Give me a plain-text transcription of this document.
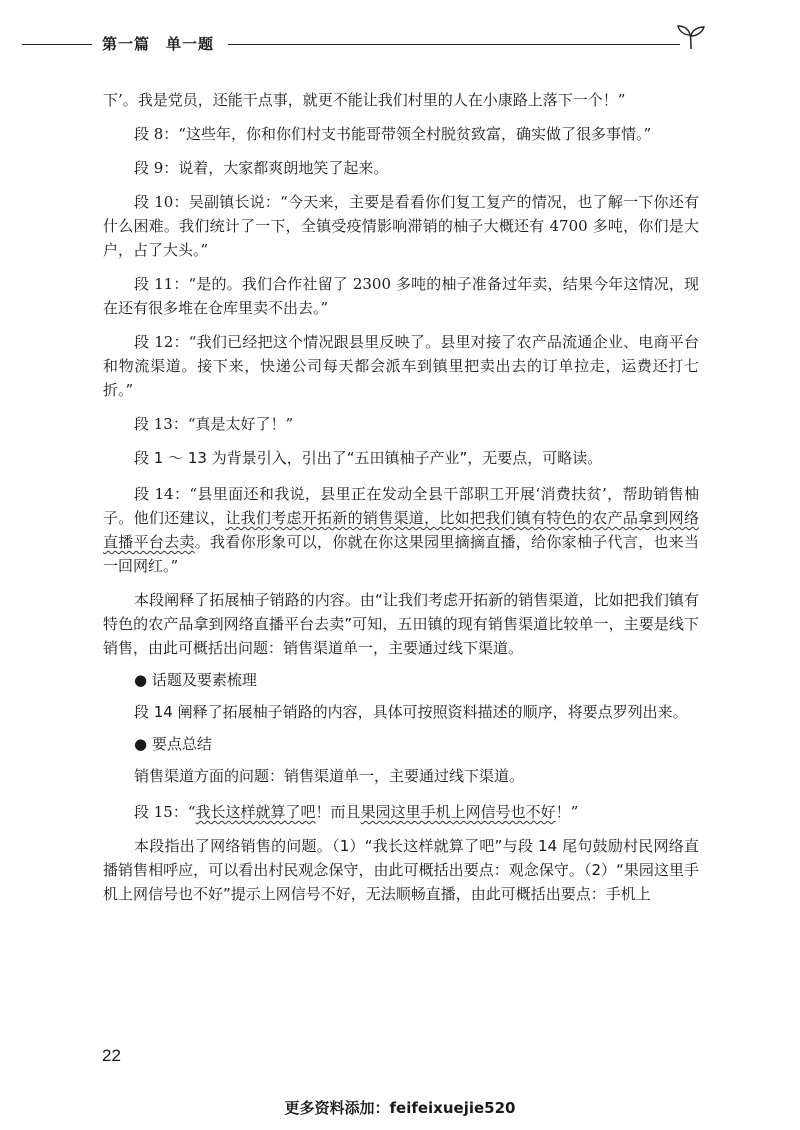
第一篇　单一题

下’。我是党员，还能干点事，就更不能让我们村里的人在小康路上落下一个！”

段 8：“这些年，你和你们村支书能哥带领全村脱贫致富，确实做了很多事情。”

段 9：说着，大家都爽朗地笑了起来。

段 10：吴副镇长说：“今天来，主要是看看你们复工复产的情况，也了解一下你还有什么困难。我们统计了一下，全镇受疫情影响滞销的柚子大概还有 4700 多吨，你们是大户，占了大头。”

段 11：“是的。我们合作社留了 2300 多吨的柚子准备过年卖，结果今年这情况，现在还有很多堆在仓库里卖不出去。”

段 12：“我们已经把这个情况跟县里反映了。县里对接了农产品流通企业、电商平台和物流渠道。接下来，快递公司每天都会派车到镇里把卖出去的订单拉走，运费还打七折。”

段 13：“真是太好了！”

段 1 ～ 13 为背景引入，引出了“五田镇柚子产业”，无要点，可略读。

段 14：“县里面还和我说，县里正在发动全县干部职工开展‘消费扶贫’，帮助销售柚子。他们还建议，让我们考虑开拓新的销售渠道，比如把我们镇有特色的农产品拿到网络直播平台去卖。我看你形象可以，你就在你这果园里摘摘直播，给你家柚子代言，也来当一回网红。”

本段阐释了拓展柚子销路的内容。由“让我们考虑开拓新的销售渠道，比如把我们镇有特色的农产品拿到网络直播平台去卖”可知，五田镇的现有销售渠道比较单一，主要是线下销售，由此可概括出问题：销售渠道单一，主要通过线下渠道。

● 话题及要素梳理

段 14 阐释了拓展柚子销路的内容，具体可按照资料描述的顺序，将要点罗列出来。

● 要点总结

销售渠道方面的问题：销售渠道单一，主要通过线下渠道。

段 15：“我长这样就算了吧！而且果园这里手机上网信号也不好！”

本段指出了网络销售的问题。（1）“我长这样就算了吧”与段 14 尾句鼓励村民网络直播销售相呼应，可以看出村民观念保守，由此可概括出要点：观念保守。（2）“果园这里手机上网信号也不好”提示上网信号不好，无法顺畅直播，由此可概括出要点：手机上

22
更多资料添加：feifeixuejie520
